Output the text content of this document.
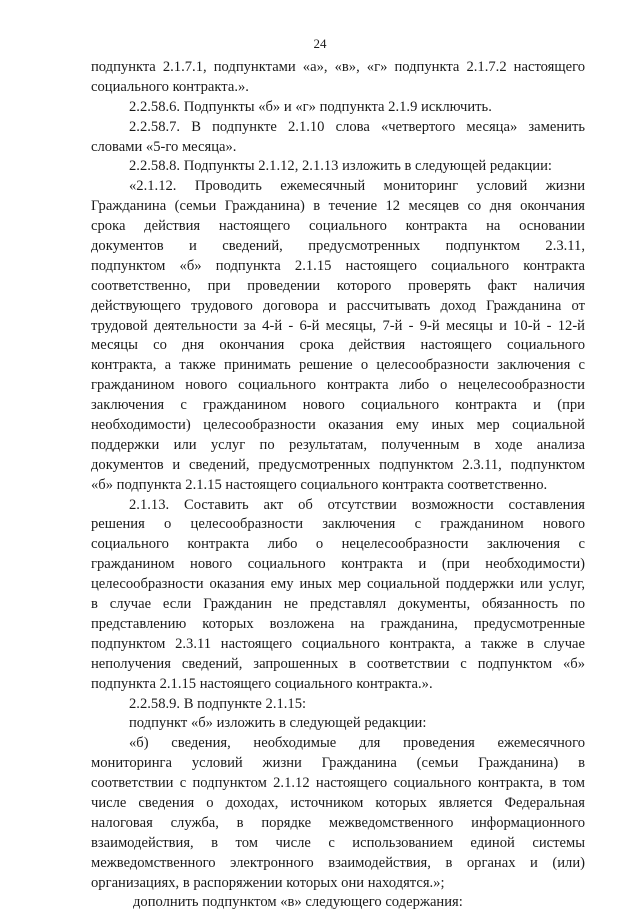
24
подпунктa 2.1.7.1, подпунктами «а», «в», «г» подпункта 2.1.7.2 настоящего
социального контракта.».
2.2.58.6. Подпункты «б» и «г» подпункта 2.1.9 исключить.
2.2.58.7. В подпункте 2.1.10 слова «четвертого месяца» заменить
словами «5-го месяца».
2.2.58.8. Подпункты 2.1.12, 2.1.13 изложить в следующей редакции:
«2.1.12. Проводить ежемесячный мониторинг условий жизни
Гражданина (семьи Гражданина) в течение 12 месяцев со дня окончания
срока действия настоящего социального контракта на основании
документов и сведений, предусмотренных подпунктом 2.3.11,
подпунктом «б» подпункта 2.1.15 настоящего социального контракта
соответственно, при проведении которого проверять факт наличия
действующего трудового договора и рассчитывать доход Гражданина от
трудовой деятельности за 4-й - 6-й месяцы, 7-й - 9-й месяцы и 10-й - 12-й
месяцы со дня окончания срока действия настоящего социального
контракта, а также принимать решение о целесообразности заключения с
гражданином нового социального контракта либо о нецелесообразности
заключения с гражданином нового социального контракта и (при
необходимости) целесообразности оказания ему иных мер социальной
поддержки или услуг по результатам, полученным в ходе анализа
документов и сведений, предусмотренных подпунктом 2.3.11, подпунктом
«б» подпункта 2.1.15 настоящего социального контракта соответственно.
2.1.13. Составить акт об отсутствии возможности составления
решения о целесообразности заключения с гражданином нового
социального контракта либо о нецелесообразности заключения с
гражданином нового социального контракта и (при необходимости)
целесообразности оказания ему иных мер социальной поддержки или услуг,
в случае если Гражданин не представлял документы, обязанность по
представлению которых возложена на гражданина, предусмотренные
подпунктом 2.3.11 настоящего социального контракта, а также в случае
неполучения сведений, запрошенных в соответствии с подпунктом «б»
подпункта 2.1.15 настоящего социального контракта.».
2.2.58.9. В подпункте 2.1.15:
подпункт «б» изложить в следующей редакции:
«б) сведения, необходимые для проведения ежемесячного
мониторинга условий жизни Гражданина (семьи Гражданина) в
соответствии с подпунктом 2.1.12 настоящего социального контракта, в том
числе сведения о доходах, источником которых является Федеральная
налоговая служба, в порядке межведомственного информационного
взаимодействия, в том числе с использованием единой системы
межведомственного электронного взаимодействия, в органах и (или)
организациях, в распоряжении которых они находятся.»;
дополнить подпунктом «в» следующего содержания:
